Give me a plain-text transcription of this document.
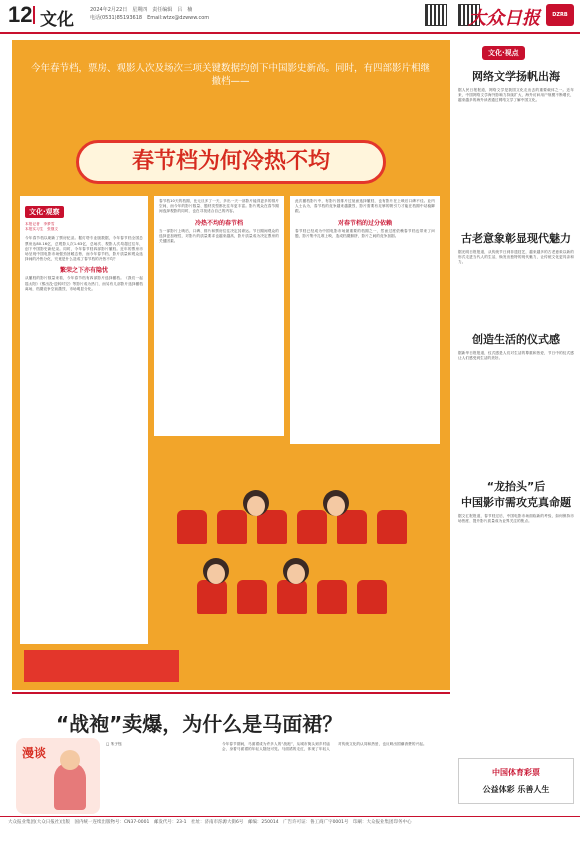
12 文化	2024年2月22日　星期四　责任编辑　吕　楠
电话(0531)85193618　Email:wtzx@dzwww.com	大众日报	DZRB
今年春节档，票房、观影人次及场次三项关键数据均创下中国影史新高。同时，有四部影片相继撤档——
春节档为何冷热不均
文化·观察
本报记者　李梦雪
本报实习生　张继文

今年春节档以刷新了票房纪录。据灯塔专业版数据，今年春节档全国总票房达80.16亿，总观影人次1.63亿，总场次、观影人次均超过往年，创下中国影史新纪录。同时，今年春节档四部影片撤档。近年的票房市场呈现中国电影市场强劲回暖态势，而今年春节档，影片质量和观众选择间的冷热分化，究竟是什么造成了春节档的冷热不均？

繁荣之下亦有隐忧

从撤档的影片数量来看，今年春节档有四部影片选择撤档。《我们一起摇太阳》《熊出没·逆转时空》等影片成为热门，而另有几部影片选择撤档离场，档期竞争空前激烈，市场明显分化。

春节档10天的档期，比元旦多了一天，多出一天一部影片能得更多的排片空间，而今年的影片数量、题材类型都比往年更丰富。影片观众在春节期间选择观影的同时，也在寻找适合自己的内容。

冷热不均的春节档

当一部影片上映后，口碑、排片和票房往往决定其命运。节日期间观众的选择更加理性，对影片的质量要求也越来越高，影片质量成为决定票房的关键因素。

此次撤档影片中，有影片因排片过低而选择撤档，也有影片在上映后口碑不佳。业内人士认为，春节档的竞争越来越激烈，影片需要有足够的吸引力才能在档期中站稳脚跟。

对春节档的过分依赖

春节档已经成为中国电影市场最重要的档期之一，然而过度依赖春节档也带来了问题，影片集中扎堆上映，造成档期拥挤，影片之间的竞争加剧。

文化·视点
网络文学扬帆出海

据人民日报报道，网络文学是我国文化走出去的重要载体之一。近年来，中国网络文学海外影响力持续扩大，海外访问用户规模不断增长，越来越多的海外读者通过网络文学了解中国文化。

古老意象彰显现代魅力

据光明日报报道，从传统节日到非遗技艺，越来越多的古老意象以新的形式走进当代人的生活，焕发出独特的现代魅力，让传统文化更具亲和力。

创造生活的仪式感

据新华日报报道，仪式感是人们对生活的尊重和热爱，节日中的仪式感让人们感受到生活的美好。

“龙抬头”后
中国影市需攻克真命题

据文汇报报道，春节档过后，中国电影市场面临新的考验，如何保持市场热度、提升影片质量成为业界关注的焦点。

中国体育彩票
公益体彩 乐善人生
“战袍”卖爆，为什么是马面裙？
漫谈
□ 朱子钰	今年春节期间，马面裙成为许多人的“战袍”，从城市街头到乡村庙会，身着马面裙的年轻人随处可见。马面裙的走红，体现了年轻人对传统文化的认同和热爱，也反映出国潮消费的兴起。

大众报业集团(大众日报社)出版　国内统一连续出版物号：CN37-0001　邮发代号：23-1　社址：济南市泺源大街6号　邮编：250014　广告许可证：鲁工商广字0001号　印刷：大众报业集团印务中心
